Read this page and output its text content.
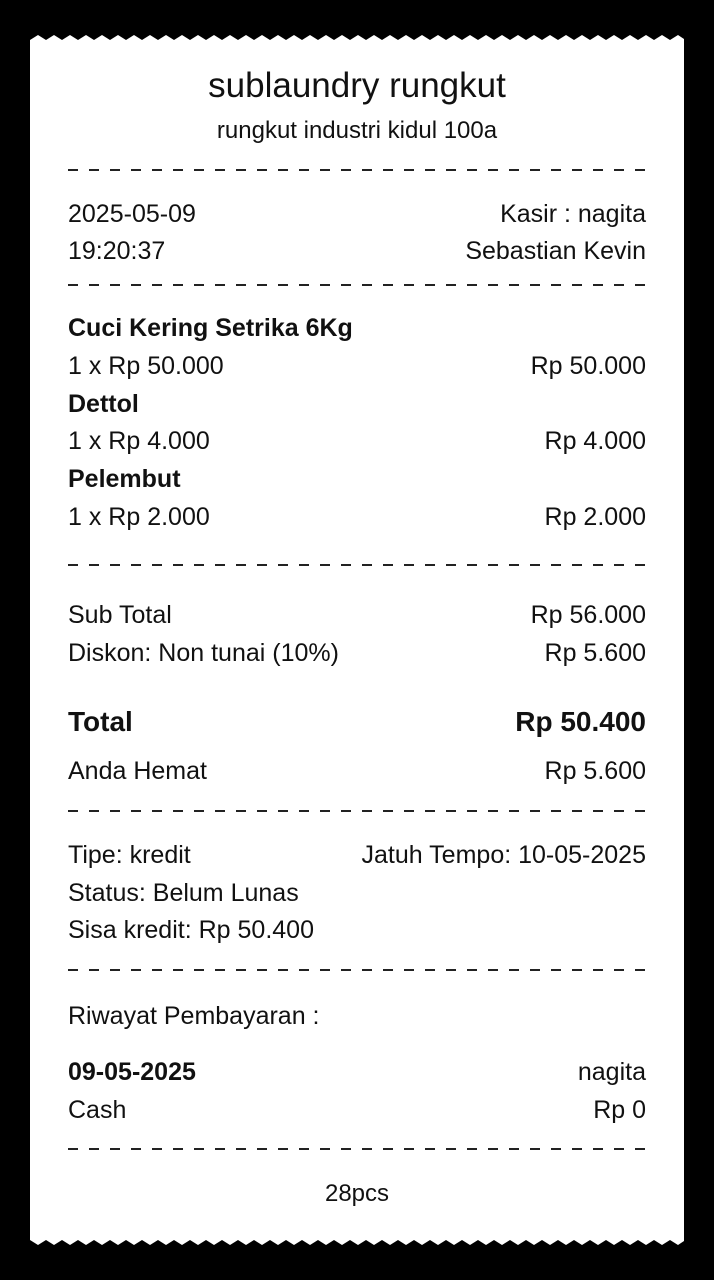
sublaundry rungkut
rungkut industri kidul 100a
2025-05-09	Kasir : nagita
19:20:37	Sebastian Kevin
Cuci Kering Setrika 6Kg
1 x Rp 50.000	Rp 50.000
Dettol
1 x Rp 4.000	Rp 4.000
Pelembut
1 x Rp 2.000	Rp 2.000
Sub Total	Rp 56.000
Diskon: Non tunai (10%)	Rp 5.600
Total	Rp 50.400
Anda Hemat	Rp 5.600
Tipe: kredit	Jatuh Tempo: 10-05-2025
Status: Belum Lunas
Sisa kredit: Rp 50.400
Riwayat Pembayaran :
09-05-2025	nagita
Cash	Rp 0
28pcs
